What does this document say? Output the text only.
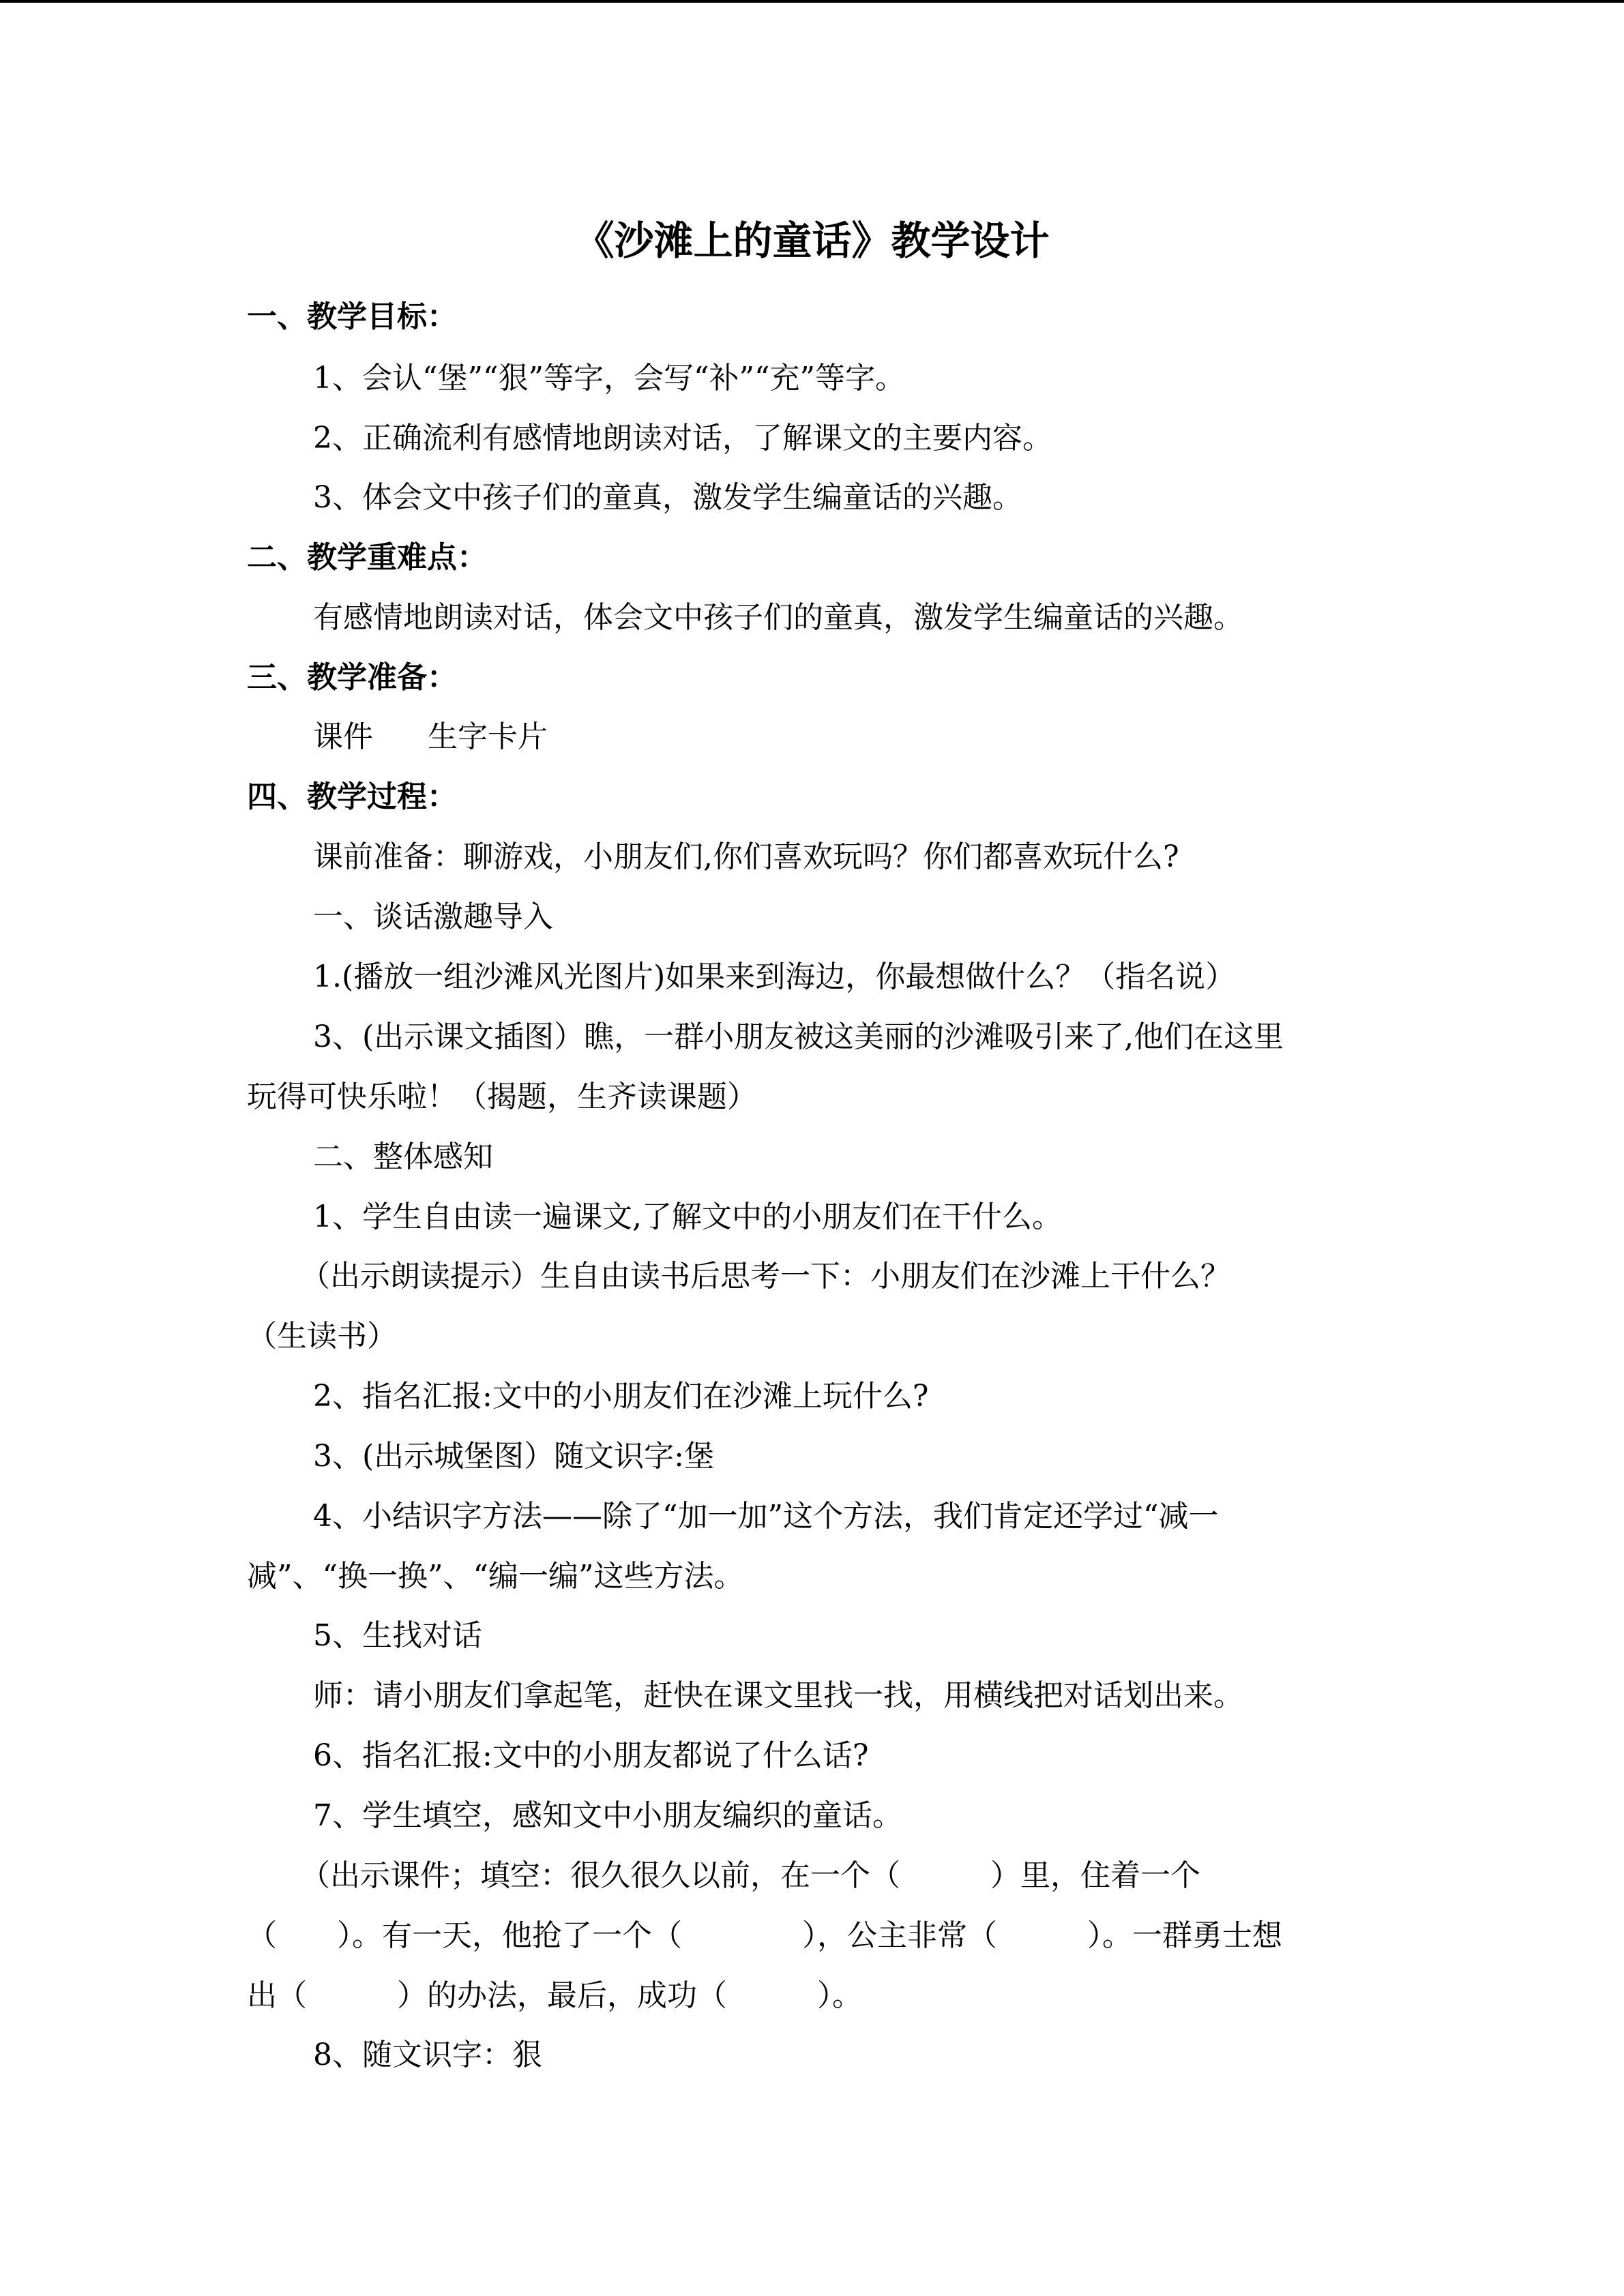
《沙滩上的童话》教学设计
一、教学目标：
1、会认“堡”“狠”等字，会写“补”“充”等字。
2、正确流利有感情地朗读对话，了解课文的主要内容。
3、体会文中孩子们的童真，激发学生编童话的兴趣。
二、教学重难点：
有感情地朗读对话，体会文中孩子们的童真，激发学生编童话的兴趣。
三、教学准备：
课件 生字卡片
四、教学过程：
课前准备：聊游戏，小朋友们,你们喜欢玩吗？你们都喜欢玩什么?
一、谈话激趣导入
1.(播放一组沙滩风光图片)如果来到海边，你最想做什么？（指名说）
3、(出示课文插图）瞧，一群小朋友被这美丽的沙滩吸引来了,他们在这里
玩得可快乐啦！（揭题，生齐读课题）
二、整体感知
1、学生自由读一遍课文,了解文中的小朋友们在干什么。
（出示朗读提示）生自由读书后思考一下：小朋友们在沙滩上干什么？
（生读书）
2、指名汇报:文中的小朋友们在沙滩上玩什么?
3、(出示城堡图）随文识字:堡
4、小结识字方法——除了“加一加”这个方法，我们肯定还学过“减一
减”、“换一换”、“编一编”这些方法。
5、生找对话
师：请小朋友们拿起笔，赶快在课文里找一找，用横线把对话划出来。
6、指名汇报:文中的小朋友都说了什么话?
7、学生填空，感知文中小朋友编织的童话。
（出示课件；填空：很久很久以前，在一个（　　　）里，住着一个
（　　）。有一天，他抢了一个（　　　　），公主非常（　　　）。一群勇士想
出（　　　）的办法，最后，成功（　　　）。
8、随文识字：狠
